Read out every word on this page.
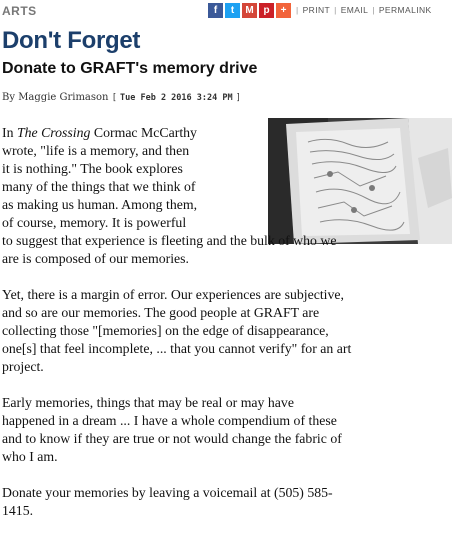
ARTS	f	t	M p	+	| PRINT | EMAIL | PERMALINK
Don't Forget
Donate to GRAFT's memory drive
By Maggie Grimason [ Tue Feb 2 2016 3:24 PM ]

In The Crossing Cormac McCarthy
wrote, "life is a memory, and then
it is nothing." The book explores
many of the things that we think of
as making us human. Among them,
of course, memory. It is powerful
to suggest that experience is fleeting and the bulk of who we
are is composed of our memories.

Yet, there is a margin of error. Our experiences are subjective,
and so are our memories. The good people at GRAFT are
collecting those "[memories] on the edge of disappearance,
one[s] that feel incomplete, ... that you cannot verify" for an art
project.

Early memories, things that may be real or may have
happened in a dream ... I have a whole compendium of these
and to know if they are true or not would change the fabric of
who I am.

Donate your memories by leaving a voicemail at (505) 585-
1415.
